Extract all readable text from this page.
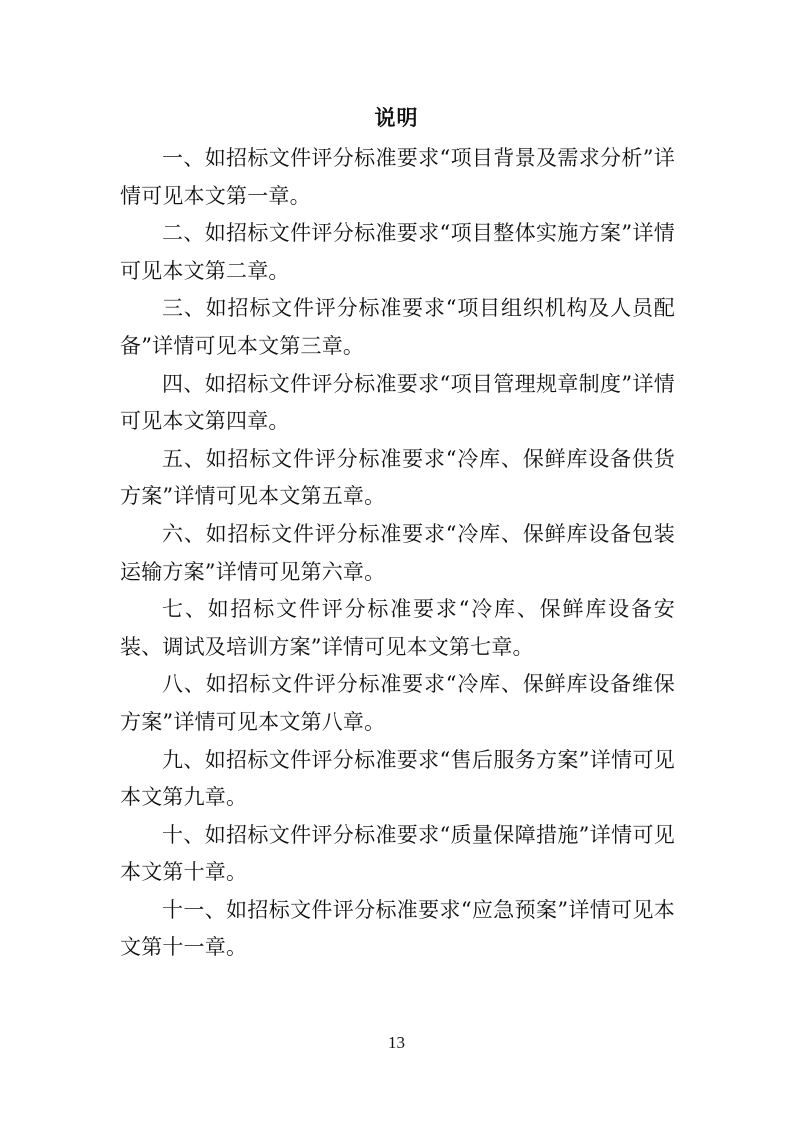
说明

一、如招标文件评分标准要求“项目背景及需求分析”详情可见本文第一章。

二、如招标文件评分标准要求“项目整体实施方案”详情可见本文第二章。

三、如招标文件评分标准要求“项目组织机构及人员配备”详情可见本文第三章。

四、如招标文件评分标准要求“项目管理规章制度”详情可见本文第四章。

五、如招标文件评分标准要求“冷库、保鲜库设备供货方案”详情可见本文第五章。

六、如招标文件评分标准要求“冷库、保鲜库设备包装运输方案”详情可见第六章。

七、如招标文件评分标准要求“冷库、保鲜库设备安装、调试及培训方案”详情可见本文第七章。

八、如招标文件评分标准要求“冷库、保鲜库设备维保方案”详情可见本文第八章。

九、如招标文件评分标准要求“售后服务方案”详情可见本文第九章。

十、如招标文件评分标准要求“质量保障措施”详情可见本文第十章。

十一、如招标文件评分标准要求“应急预案”详情可见本文第十一章。

13
